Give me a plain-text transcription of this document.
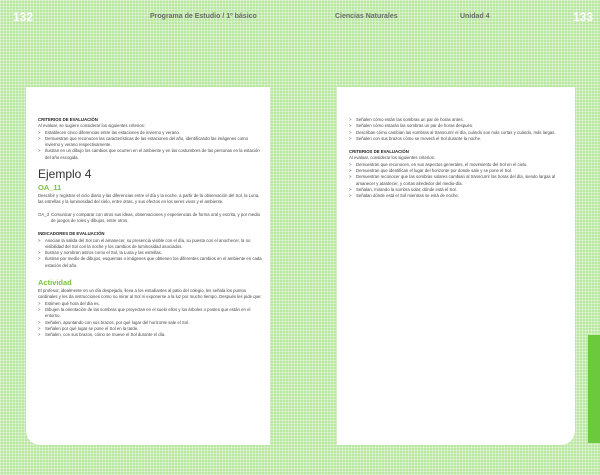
132	Programa de Estudio / 1º básico	Ciencias Naturales	Unidad 4	133
CRITERIOS DE EVALUACIÓN
Al evaluar, se sugiere considerar los siguientes criterios:
> Establecen cinco diferencias entre las estaciones de invierno y verano.
> Demuestran que reconocen las características de las estaciones del año, identificando las imágenes como invierno y verano respectivamente.
> Ilustran en un dibujo los cambios que ocurren en el ambiente y en las costumbres de las personas en la estación del año escogida.
Ejemplo 4
OA_11
Describir y registrar el ciclo diario y las diferencias entre el día y la noche, a partir de la observación del Sol, la Luna, las estrellas y la luminosidad del cielo, entre otras, y sus efectos en los seres vivos y el ambiente.
OA_d Comunicar y comparar con otros sus ideas, observaciones y experiencias de forma oral y escrita, y por medio de juegos de roles y dibujos, entre otros.
INDICADORES DE EVALUACIÓN
> Asocian la salida del Sol con el amanecer, su presencia visible con el día, su puesta con el anochecer, la no visibilidad del Sol con la noche y los cambios de luminosidad asociados.
> Ilustran y nombran astros como el Sol, la Luna y las estrellas.
> Ilustran por medio de dibujos, esquemas o imágenes que obtienen los diferentes cambios en el ambiente en cada estación del año.
Actividad
El profesor, idealmente en un día despejado, lleva a los estudiantes al patio del colegio, les señala los puntos cardinales y les da instrucciones como no mirar al Sol ni exponerse a la luz por mucho tiempo. Después les pide que:
> Estimen qué hora del día es.
> Dibujen la orientación de las sombras que proyectan en el suelo ellos y los árboles o postes que están en el entorno.
> Señalen, apuntando con sus brazos, por qué lugar del horizonte sale el Sol.
> Señalen por qué lugar se pone el Sol en la tarde.
> Señalen, con sus brazos, cómo se mueve el Sol durante el día.
> Señalen cómo están las sombras un par de horas antes.
> Señalen cómo estarán las sombras un par de horas después.
> Describan cómo cambian las sombras al transcurrir el día, cuándo son más cortas y cuándo, más largas.
> Señalen con sus brazos cómo se moverá el Sol durante la noche.
CRITERIOS DE EVALUACIÓN
Al evaluar, considerar los siguientes criterios:
> Demuestran que reconocen, en sus aspectos generales, el movimiento del Sol en el cielo.
> Demuestran que identifican el lugar del horizonte por donde sale y se pone el Sol.
> Demuestran reconocer que las sombras solares cambian al transcurrir las horas del día, siendo largas al amanecer y atardecer, y cortas alrededor del medio-día.
> Señalan, mirando la sombra solar, dónde está el Sol.
> Señalan dónde está el Sol mientras se está de noche.
